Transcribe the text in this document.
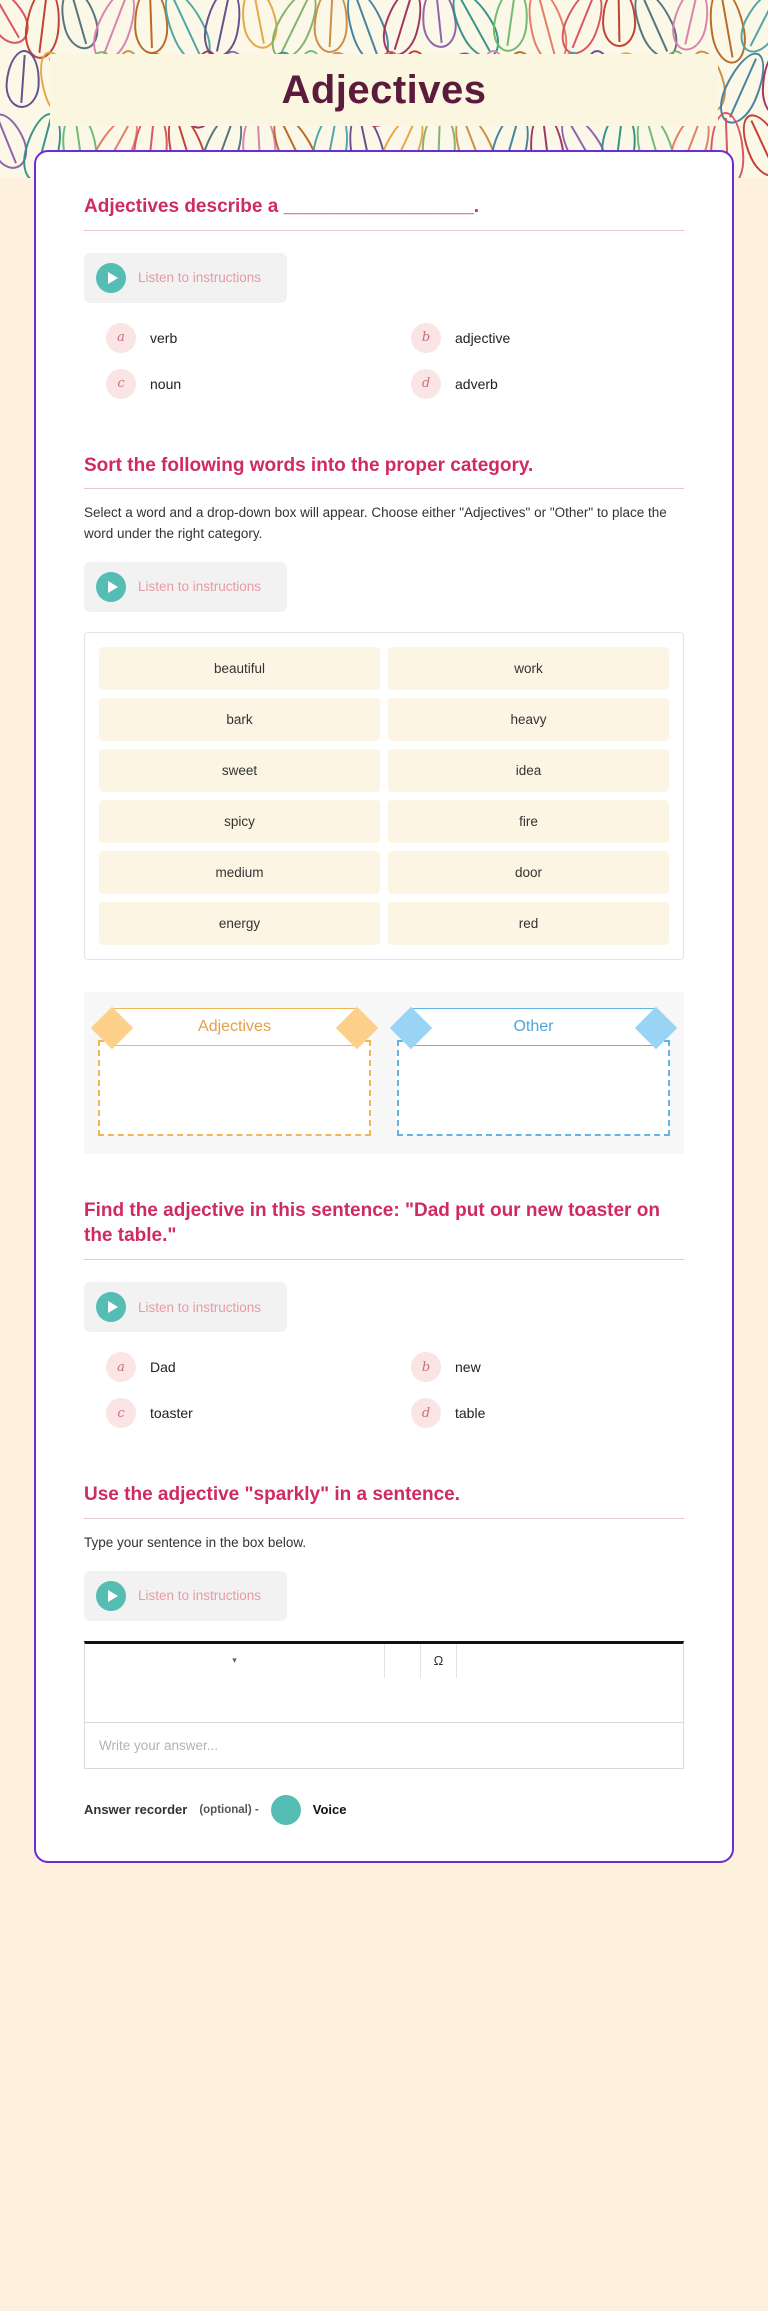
Adjectives

Adjectives describe a __________________.

Listen to instructions
a	verb	b	adjective
c	noun	d	adverb

Sort the following words into the proper category.

Select a word and a drop-down box will appear. Choose either "Adjectives" or "Other" to place the word under the right category.

Listen to instructions
beautiful	work
bark	heavy
sweet	idea
spicy	fire
medium	door
energy	red
Adjectives	Other

Find the adjective in this sentence: "Dad put our new toaster on the table."

Listen to instructions
a	Dad	b	new
c	toaster	d	table

Use the adjective "sparkly" in a sentence.

Type your sentence in the box below.

Listen to instructions
▾	Ω
Write your answer...
Answer recorder (optional) -	Voice
